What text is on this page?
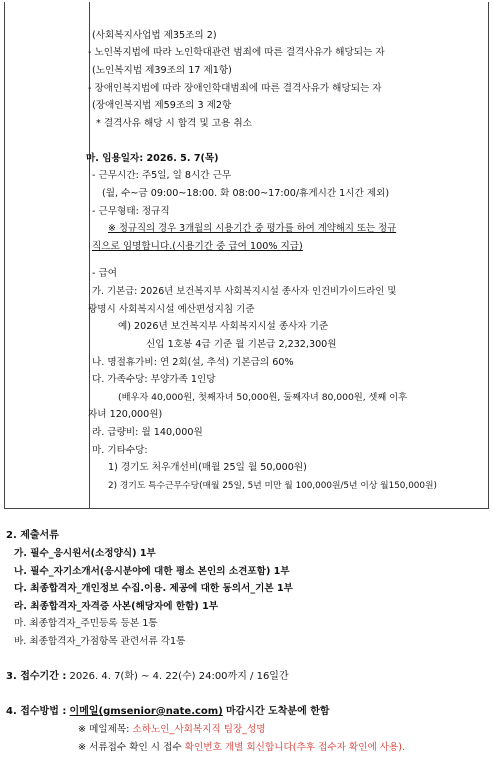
(사회복지사업법 제35조의 2)
- 노인복지법에 따라 노인학대관련 범죄에 따른 결격사유가 해당되는 자
(노인복지법 제39조의 17 제1항)
- 장애인복지법에 따라 장애인학대범죄에 따른 결격사유가 해당되는 자
(장애인복지법 제59조의 3 제2항
* 결격사유 해당 시 합격 및 고용 취소
마. 임용일자: 2026. 5. 7(목)
- 근무시간: 주5일, 일 8시간 근무
(월, 수~금 09:00~18:00. 화 08:00~17:00/휴게시간 1시간 제외)
- 근무형태: 정규직
※ 정규직의 경우 3개월의 시용기간 중 평가를 하여 계약해지 또는 정규
직으로 임명합니다.(시용기간 중 급여 100% 지급)
- 급여
가. 기본급: 2026년 보건복지부 사회복지시설 종사자 인건비가이드라인 및
광명시 사회복지시설 예산편성지침 기준
예) 2026년 보건복지부 사회복지시설 종사자 기준
신입 1호봉 4급 기준 월 기본급 2,232,300원
나. 명절휴가비: 연 2회(설, 추석) 기본급의 60%
다. 가족수당: 부양가족 1인당
(배우자 40,000원, 첫째자녀 50,000원, 둘째자녀 80,000원, 셋째 이후
자녀 120,000원)
라. 급량비: 월 140,000원
마. 기타수당:
1) 경기도 처우개선비(매월 25일 월 50,000원)
2) 경기도 특수근무수당(매월 25일, 5년 미만 월 100,000원/5년 이상 월150,000원)
2. 제출서류
가. 필수_응시원서(소정양식) 1부
나. 필수_자기소개서(응시분야에 대한 평소 본인의 소견포함) 1부
다. 최종합격자_개인정보 수집.이용. 제공에 대한 동의서_기본 1부
라. 최종합격자_자격증 사본(해당자에 한함) 1부
마. 최종합격자_주민등록 등본 1통
바. 최종합격자_가점항목 관련서류 각1통
3. 접수기간 : 2026. 4. 7(화) ~ 4. 22(수) 24:00까지 / 16일간
4. 접수방법 : 이메일(gmsenior@nate.com) 마감시간 도착분에 한함
※ 메일제목: 소하노인_사회복지직 팀장_성명
※ 서류접수 확인 시 접수 확인번호 개별 회신합니다(추후 접수자 확인에 사용).
